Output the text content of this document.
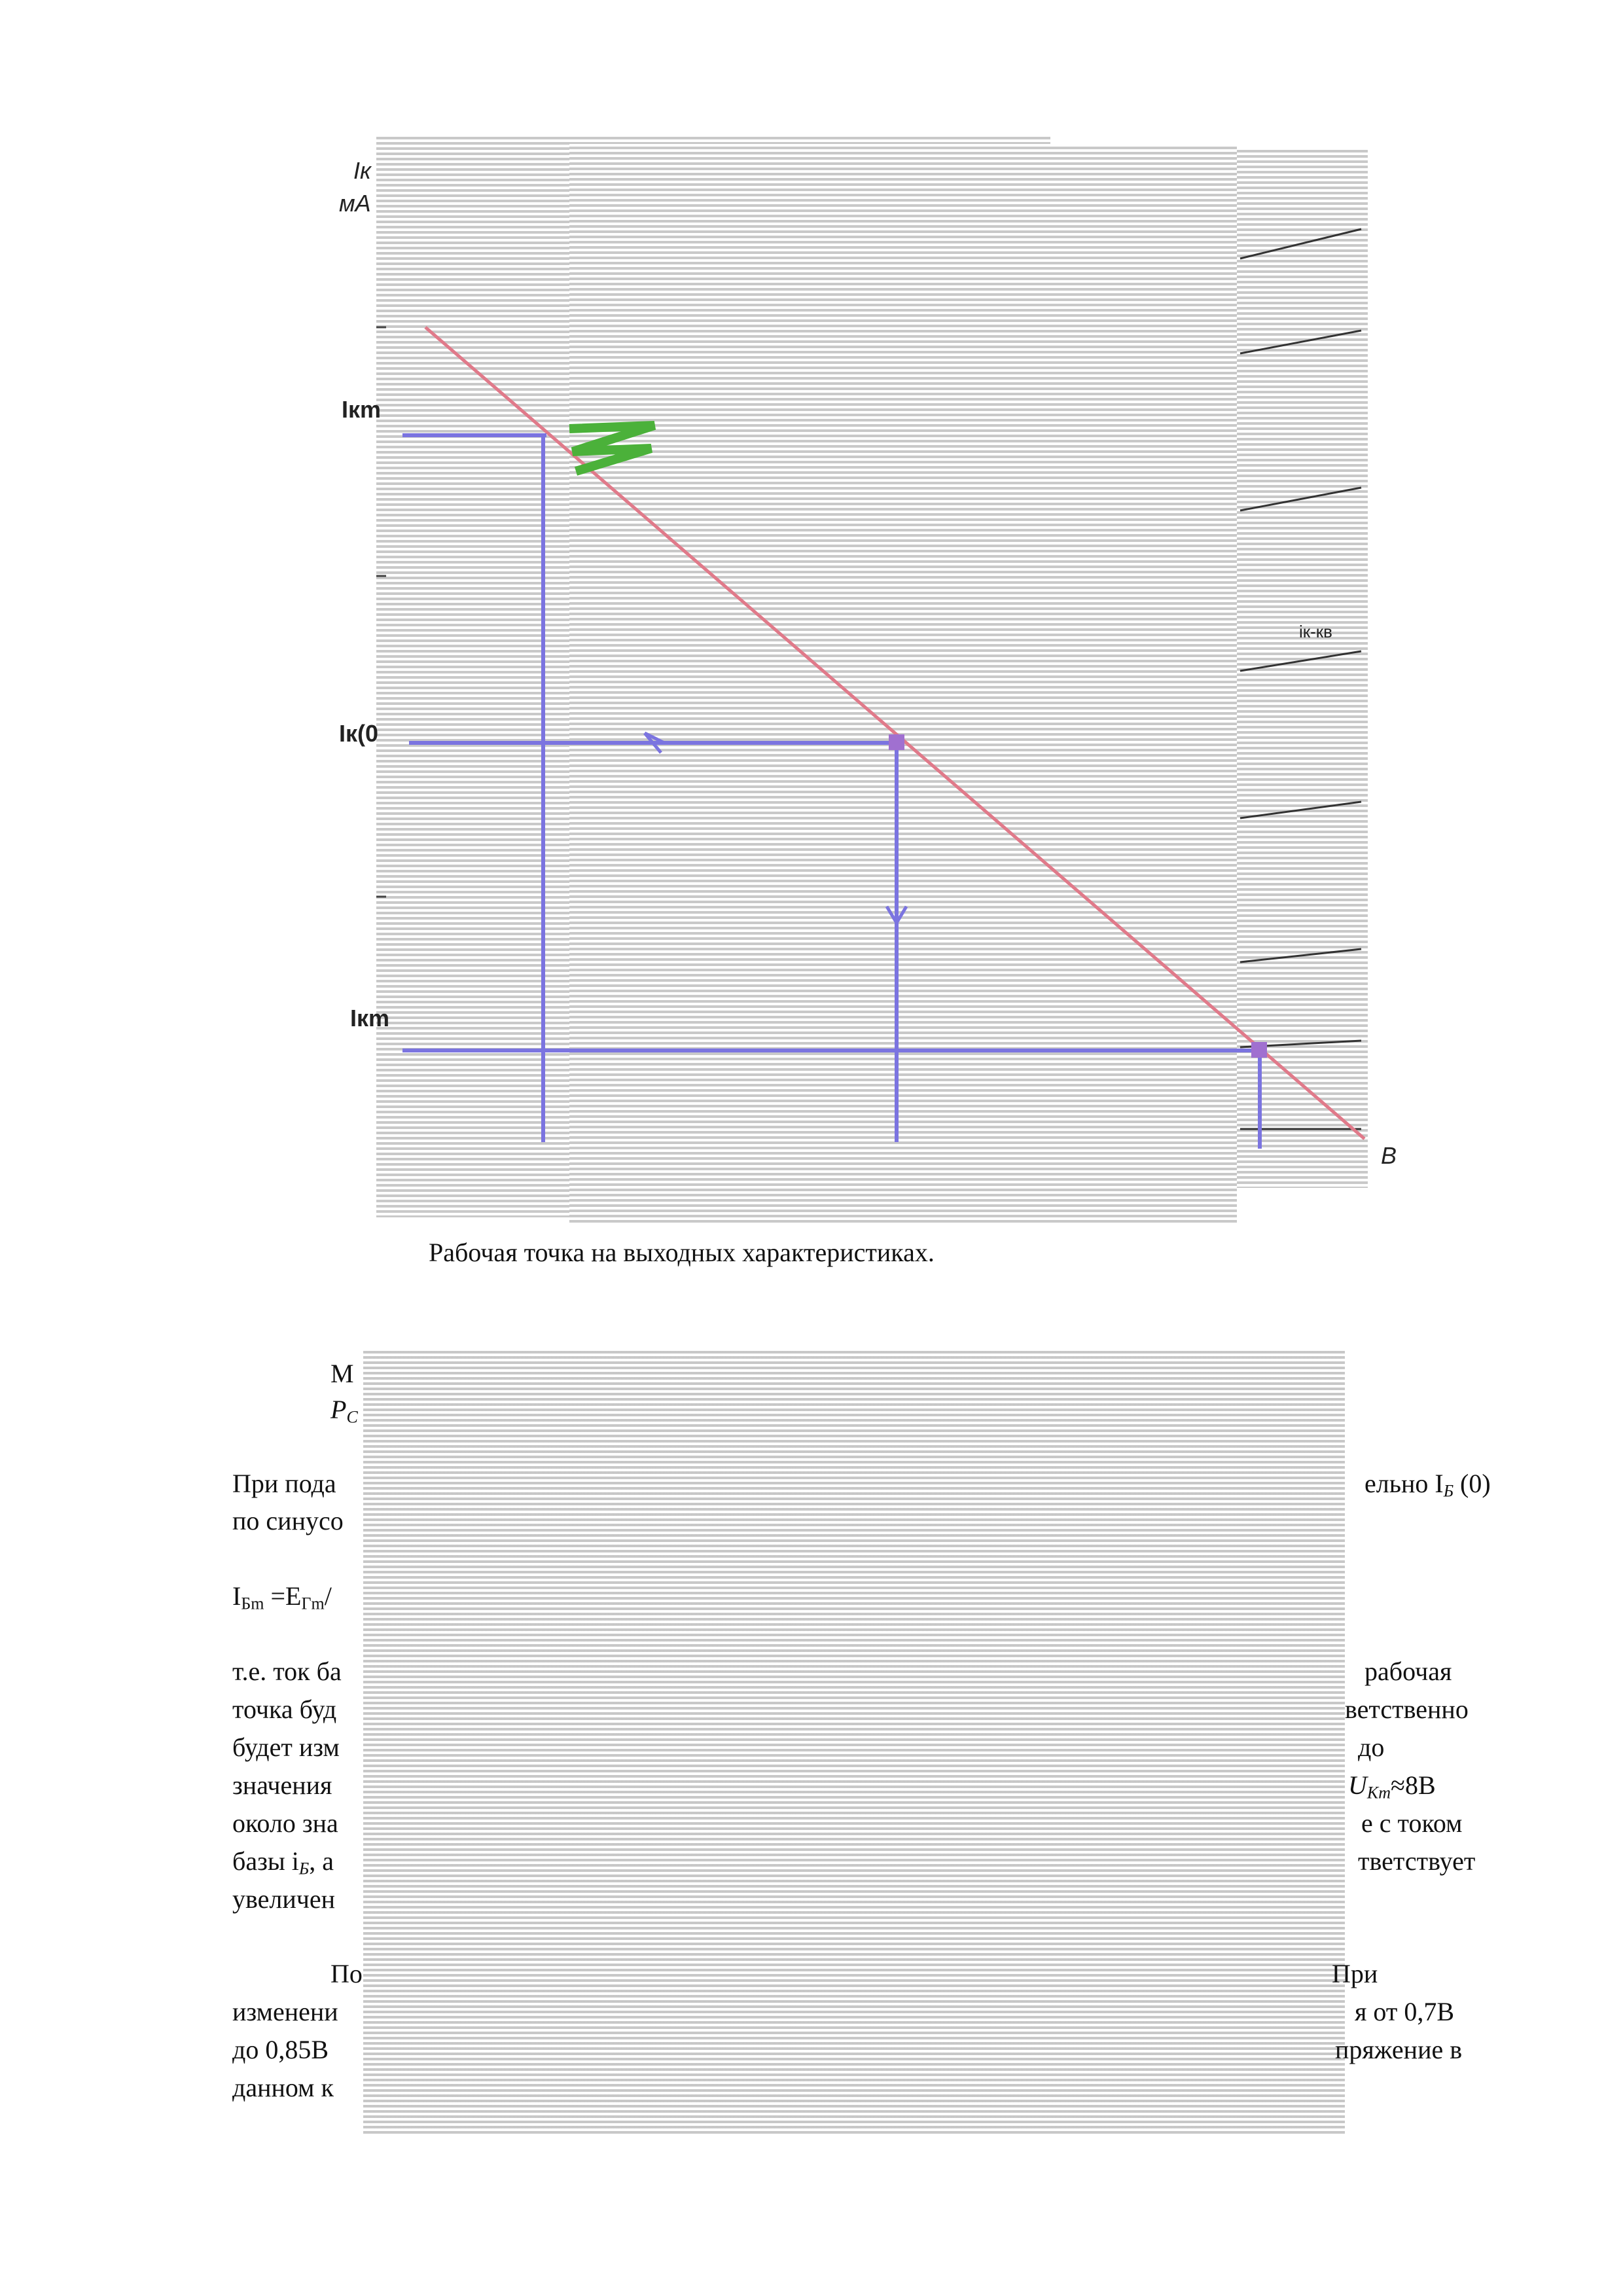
Iк
мА
Iкm
Iк(0
Iкm
iк-кв
В
Рабочая точка на выходных характеристиках.
М
$P_C$
При пода	ельно $I_Б$ (0)
по синусо
$I_{Бm} =E_{Гm}/$
т.е. ток ба	рабочая
точка буд	ветственно
будет изм	до
значения	$U_{Km}\approx 8В$
около зна	е с током
базы $i_Б$, а	тветствует
увеличен
По	При
изменени	я от 0,7В
до 0,85В	пряжение в
данном к
